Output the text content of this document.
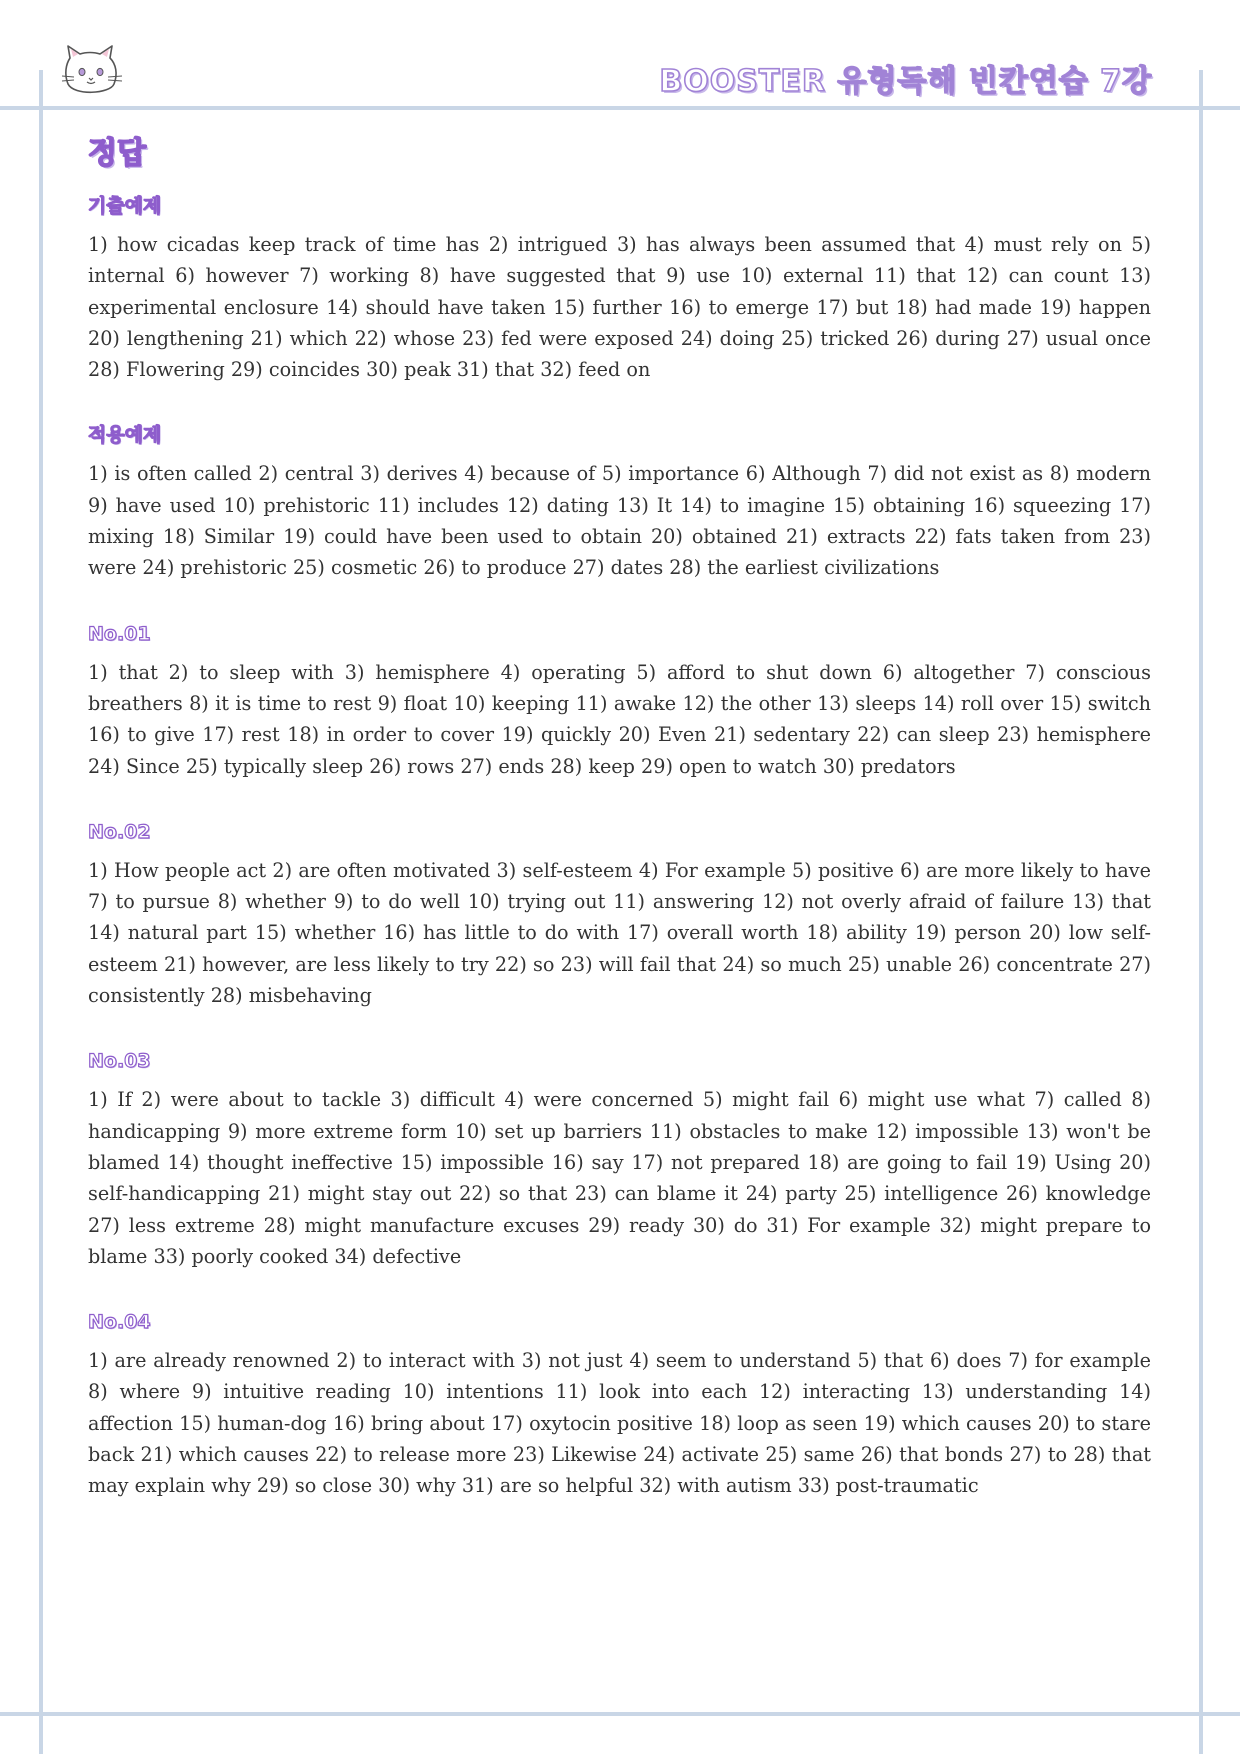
BOOSTER 유형독해 빈칸연습 7강
정답
기출예제

1) how cicadas keep track of time has 2) intrigued 3) has always been assumed that 4) must rely on 5) internal 6) however 7) working 8) have suggested that 9) use 10) external 11) that 12) can count 13) experimental enclosure 14) should have taken 15) further 16) to emerge 17) but 18) had made 19) happen 20) lengthening 21) which 22) whose 23) fed were exposed 24) doing 25) tricked 26) during 27) usual once 28) Flowering 29) coincides 30) peak 31) that 32) feed on

적용예제

1) is often called 2) central 3) derives 4) because of 5) importance 6) Although 7) did not exist as 8) modern 9) have used 10) prehistoric 11) includes 12) dating 13) It 14) to imagine 15) obtaining 16) squeezing 17) mixing 18) Similar 19) could have been used to obtain 20) obtained 21) extracts 22) fats taken from 23) were 24) prehistoric 25) cosmetic 26) to produce 27) dates 28) the earliest civilizations

No.01

1) that 2) to sleep with 3) hemisphere 4) operating 5) afford to shut down 6) altogether 7) conscious breathers 8) it is time to rest 9) float 10) keeping 11) awake 12) the other 13) sleeps 14) roll over 15) switch 16) to give 17) rest 18) in order to cover 19) quickly 20) Even 21) sedentary 22) can sleep 23) hemisphere 24) Since 25) typically sleep 26) rows 27) ends 28) keep 29) open to watch 30) predators

No.02

1) How people act 2) are often motivated 3) self-esteem 4) For example 5) positive 6) are more likely to have 7) to pursue 8) whether 9) to do well 10) trying out 11) answering 12) not overly afraid of failure 13) that 14) natural part 15) whether 16) has little to do with 17) overall worth 18) ability 19) person 20) low self-esteem 21) however, are less likely to try 22) so 23) will fail that 24) so much 25) unable 26) concentrate 27) consistently 28) misbehaving

No.03

1) If 2) were about to tackle 3) difficult 4) were concerned 5) might fail 6) might use what 7) called 8) handicapping 9) more extreme form 10) set up barriers 11) obstacles to make 12) impossible 13) won't be blamed 14) thought ineffective 15) impossible 16) say 17) not prepared 18) are going to fail 19) Using 20) self-handicapping 21) might stay out 22) so that 23) can blame it 24) party 25) intelligence 26) knowledge 27) less extreme 28) might manufacture excuses 29) ready 30) do 31) For example 32) might prepare to blame 33) poorly cooked 34) defective

No.04

1) are already renowned 2) to interact with 3) not just 4) seem to understand 5) that 6) does 7) for example 8) where 9) intuitive reading 10) intentions 11) look into each 12) interacting 13) understanding 14) affection 15) human-dog 16) bring about 17) oxytocin positive 18) loop as seen 19) which causes 20) to stare back 21) which causes 22) to release more 23) Likewise 24) activate 25) same 26) that bonds 27) to 28) that may explain why 29) so close 30) why 31) are so helpful 32) with autism 33) post-traumatic
